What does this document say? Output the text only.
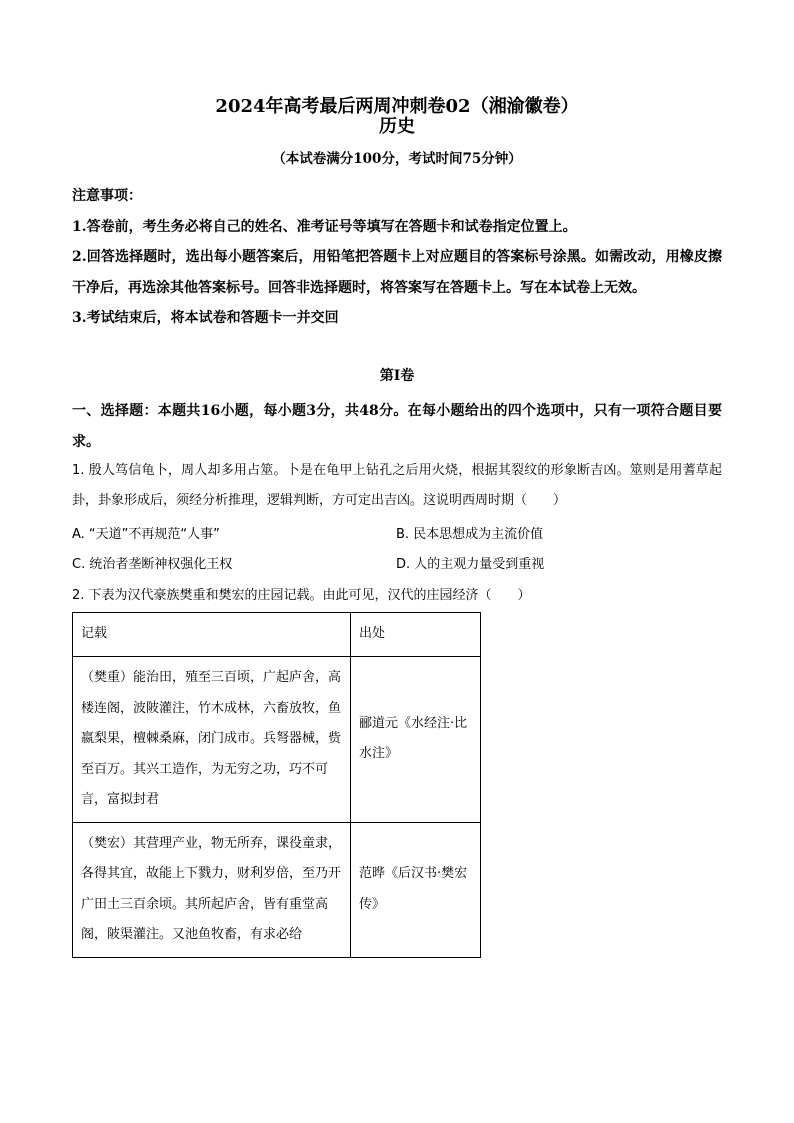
2024年高考最后两周冲刺卷02（湘渝徽卷）
历史
（本试卷满分100分，考试时间75分钟）

注意事项：

1.答卷前，考生务必将自己的姓名、准考证号等填写在答题卡和试卷指定位置上。

2.回答选择题时，选出每小题答案后，用铅笔把答题卡上对应题目的答案标号涂黑。如需改动，用橡皮擦干净后，再选涂其他答案标号。回答非选择题时，将答案写在答题卡上。写在本试卷上无效。

3.考试结束后，将本试卷和答题卡一并交回

第Ⅰ卷

一、选择题：本题共16小题，每小题3分，共48分。在每小题给出的四个选项中，只有一项符合题目要求。

1. 殷人笃信龟卜，周人却多用占筮。卜是在龟甲上钻孔之后用火烧，根据其裂纹的形象断吉凶。筮则是用蓍草起卦，卦象形成后，须经分析推理，逻辑判断，方可定出吉凶。这说明西周时期（　　）

A. “天道”不再规范“人事”	B. 民本思想成为主流价值
C. 统治者垄断神权强化王权	D. 人的主观力量受到重视
2. 下表为汉代豪族樊重和樊宏的庄园记载。由此可见，汉代的庄园经济（　　）
记载	出处
（樊重）能治田，殖至三百顷，广起庐舍，高楼连阁，波陂灌注，竹木成林，六畜放牧，鱼嬴梨果，檀棘桑麻，闭门成市。兵弩器械，赀至百万。其兴工造作，为无穷之功，巧不可言，富拟封君	郦道元《水经注·比水注》
（樊宏）其营理产业，物无所弃，课役童隶，各得其宜，故能上下戮力，财利岁倍，至乃开广田土三百余顷。其所起庐舍，皆有重堂高阁，陂渠灌注。又池鱼牧畜，有求必给	范晔《后汉书·樊宏传》
